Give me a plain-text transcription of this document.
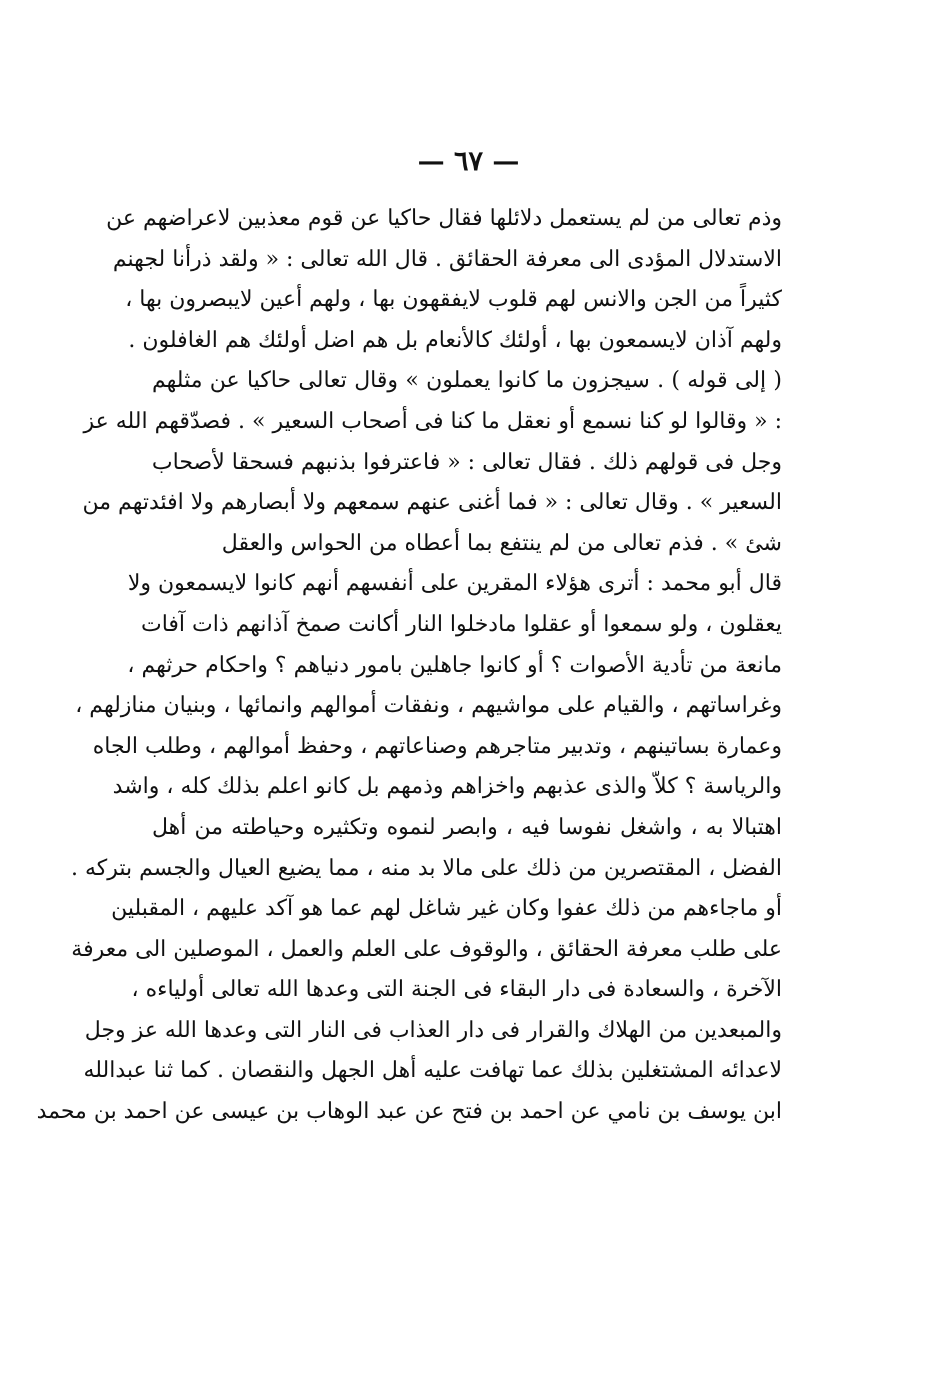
— ٦٧ —
وذم تعالى من لم يستعمل دلائلها فقال حاكيا عن قوم معذبين لاعراضهم عن
الاستدلال المؤدى الى معرفة الحقائق . قال الله تعالى : « ولقد ذرأنا لجهنم
كثيراً من الجن والانس لهم قلوب لايفقهون بها ، ولهم أعين لايبصرون بها ،
ولهم آذان لايسمعون بها ، أولئك كالأنعام بل هم اضل أولئك هم الغافلون .
( إلى قوله ) . سيجزون ما كانوا يعملون » وقال تعالى حاكيا عن مثلهم
: « وقالوا لو كنا نسمع أو نعقل ما كنا فى أصحاب السعير » . فصدّقهم الله عز
وجل فى قولهم ذلك . فقال تعالى : « فاعترفوا بذنبهم فسحقا لأصحاب
السعير » . وقال تعالى : « فما أغنى عنهم سمعهم ولا أبصارهم ولا افئدتهم من
شئ » . فذم تعالى من لم ينتفع بما أعطاه من الحواس والعقل
قال أبو محمد : أترى هؤلاء المقرين على أنفسهم أنهم كانوا لايسمعون ولا
يعقلون ، ولو سمعوا أو عقلوا مادخلوا النار أكانت صمخ آذانهم ذات آفات
مانعة من تأدية الأصوات ؟ أو كانوا جاهلين بامور دنياهم ؟ واحكام حرثهم ،
وغراساتهم ، والقيام على مواشيهم ، ونفقات أموالهم وانمائها ، وبنيان منازلهم ،
وعمارة بساتينهم ، وتدبير متاجرهم وصناعاتهم ، وحفظ أموالهم ، وطلب الجاه
والرياسة ؟ كلاّ والذى عذبهم واخزاهم وذمهم بل كانو اعلم بذلك كله ، واشد
اهتبالا به ، واشغل نفوسا فيه ، وابصر لنموه وتكثيره وحياطته من أهل
الفضل ، المقتصرين من ذلك على مالا بد منه ، مما يضيع العيال والجسم بتركه .
أو ماجاءهم من ذلك عفوا وكان غير شاغل لهم عما هو آكد عليهم ، المقبلين
على طلب معرفة الحقائق ، والوقوف على العلم والعمل ، الموصلين الى معرفة
الآخرة ، والسعادة فى دار البقاء فى الجنة التى وعدها الله تعالى أولياءه ،
والمبعدين من الهلاك والقرار فى دار العذاب فى النار التى وعدها الله عز وجل
لاعدائه المشتغلين بذلك عما تهافت عليه أهل الجهل والنقصان . كما ثنا عبدالله
ابن يوسف بن نامي عن احمد بن فتح عن عبد الوهاب بن عيسى عن احمد بن محمد
